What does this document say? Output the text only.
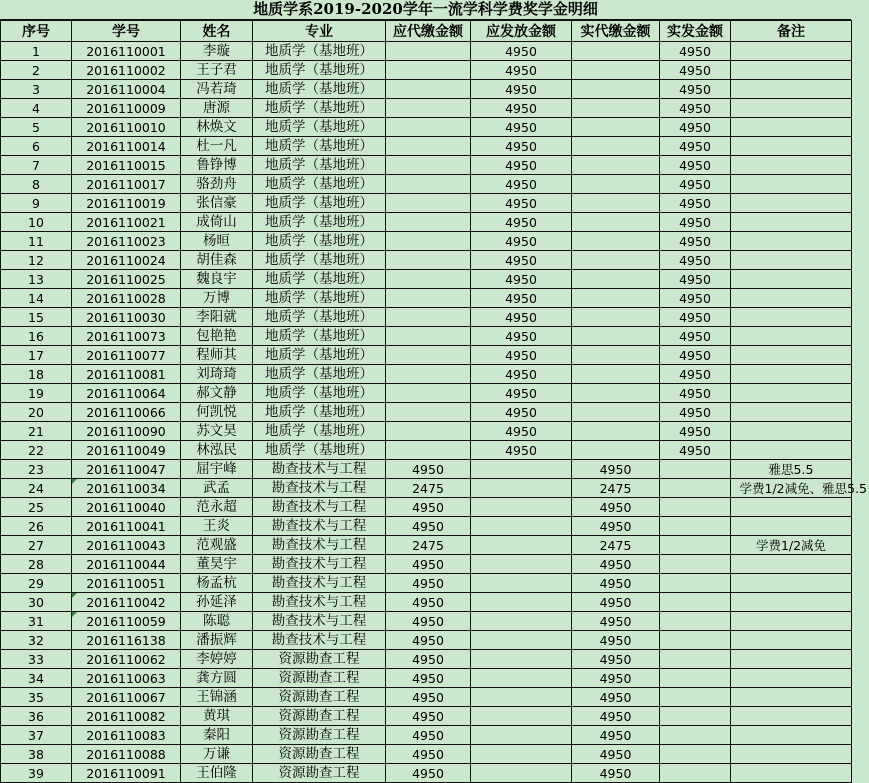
地质学系2019-2020学年一流学科学费奖学金明细
序号	学号	姓名	专业	应代缴金额	应发放金额	实代缴金额	实发金额	备注
1	2016110001	李璇	地质学（基地班）		4950		4950	
2	2016110002	王子君	地质学（基地班）		4950		4950	
3	2016110004	冯若琦	地质学（基地班）		4950		4950	
4	2016110009	唐源	地质学（基地班）		4950		4950	
5	2016110010	林焕文	地质学（基地班）		4950		4950	
6	2016110014	杜一凡	地质学（基地班）		4950		4950	
7	2016110015	鲁铮博	地质学（基地班）		4950		4950	
8	2016110017	骆劲舟	地质学（基地班）		4950		4950	
9	2016110019	张信豪	地质学（基地班）		4950		4950	
10	2016110021	成倚山	地质学（基地班）		4950		4950	
11	2016110023	杨晅	地质学（基地班）		4950		4950	
12	2016110024	胡佳森	地质学（基地班）		4950		4950	
13	2016110025	魏良宇	地质学（基地班）		4950		4950	
14	2016110028	万博	地质学（基地班）		4950		4950	
15	2016110030	李阳就	地质学（基地班）		4950		4950	
16	2016110073	包艳艳	地质学（基地班）		4950		4950	
17	2016110077	程师其	地质学（基地班）		4950		4950	
18	2016110081	刘琦琦	地质学（基地班）		4950		4950	
19	2016110064	郝文静	地质学（基地班）		4950		4950	
20	2016110066	何凯悦	地质学（基地班）		4950		4950	
21	2016110090	苏文昊	地质学（基地班）		4950		4950	
22	2016110049	林泓民	地质学（基地班）		4950		4950	
23	2016110047	屈宇峰	勘查技术与工程	4950		4950		雅思5.5
24	2016110034	武孟	勘查技术与工程	2475		2475		学费1/2减免、雅思5.5
25	2016110040	范永超	勘查技术与工程	4950		4950		
26	2016110041	王炎	勘查技术与工程	4950		4950		
27	2016110043	范观盛	勘查技术与工程	2475		2475		学费1/2减免
28	2016110044	董昊宇	勘查技术与工程	4950		4950		
29	2016110051	杨孟杭	勘查技术与工程	4950		4950		
30	2016110042	孙延泽	勘查技术与工程	4950		4950		
31	2016110059	陈聪	勘查技术与工程	4950		4950		
32	2016116138	潘振辉	勘查技术与工程	4950		4950		
33	2016110062	李婷婷	资源勘查工程	4950		4950		
34	2016110063	龚方圆	资源勘查工程	4950		4950		
35	2016110067	王锦涵	资源勘查工程	4950		4950		
36	2016110082	黄琪	资源勘查工程	4950		4950		
37	2016110083	秦阳	资源勘查工程	4950		4950		
38	2016110088	万谦	资源勘查工程	4950		4950		
39	2016110091	王伯隆	资源勘查工程	4950		4950		
